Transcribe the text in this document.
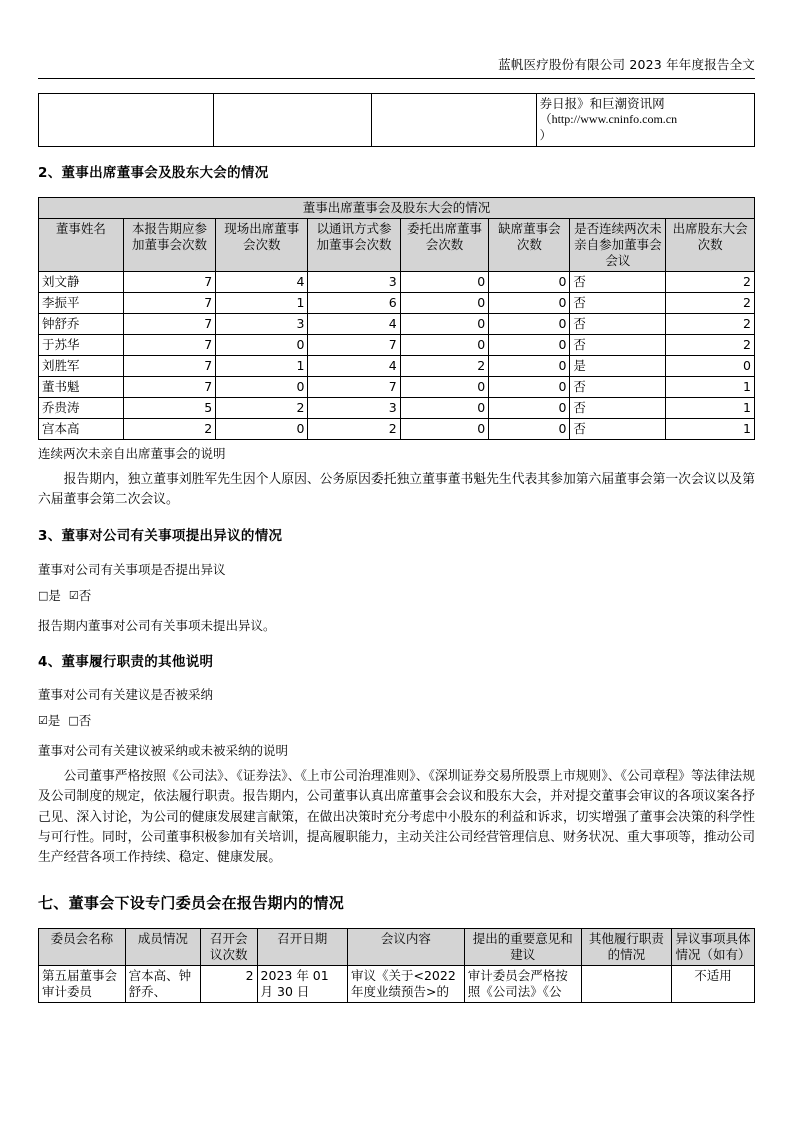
蓝帆医疗股份有限公司 2023 年年度报告全文

券日报》和巨潮资讯网
（http://www.cninfo.com.cn
）
2、董事出席董事会及股东大会的情况
董事出席董事会及股东大会的情况							
董事姓名	本报告期应参加董事会次数	现场出席董事会次数	以通讯方式参加董事会次数	委托出席董事会次数	缺席董事会次数	是否连续两次未亲自参加董事会会议	出席股东大会次数
刘文静	7	4	3	0	0	否	2
李振平	7	1	6	0	0	否	2
钟舒乔	7	3	4	0	0	否	2
于苏华	7	0	7	0	0	否	2
刘胜军	7	1	4	2	0	是	0
董书魁	7	0	7	0	0	否	1
乔贵涛	5	2	3	0	0	否	1
宫本高	2	0	2	0	0	否	1

连续两次未亲自出席董事会的说明

报告期内，独立董事刘胜军先生因个人原因、公务原因委托独立董事董书魁先生代表其参加第六届董事会第一次会议以及第六届董事会第二次会议。

3、董事对公司有关事项提出异议的情况

董事对公司有关事项是否提出异议

□是 ☑否

报告期内董事对公司有关事项未提出异议。

4、董事履行职责的其他说明

董事对公司有关建议是否被采纳

☑是 □否

董事对公司有关建议被采纳或未被采纳的说明

公司董事严格按照《公司法》、《证券法》、《上市公司治理准则》、《深圳证券交易所股票上市规则》、《公司章程》等法律法规及公司制度的规定，依法履行职责。报告期内，公司董事认真出席董事会会议和股东大会，并对提交董事会审议的各项议案各抒己见、深入讨论，为公司的健康发展建言献策，在做出决策时充分考虑中小股东的利益和诉求，切实增强了董事会决策的科学性与可行性。同时，公司董事积极参加有关培训，提高履职能力，主动关注公司经营管理信息、财务状况、重大事项等，推动公司生产经营各项工作持续、稳定、健康发展。

七、董事会下设专门委员会在报告期内的情况
委员会名称	成员情况	召开会议次数	召开日期	会议内容	提出的重要意见和建议	其他履行职责的情况	异议事项具体情况（如有）
第五届董事会审计委员	宫本高、钟舒乔、	2	2023 年 01 月 30 日	审议《关于<2022 年度业绩预告>的	审计委员会严格按照《公司法》《公		不适用
